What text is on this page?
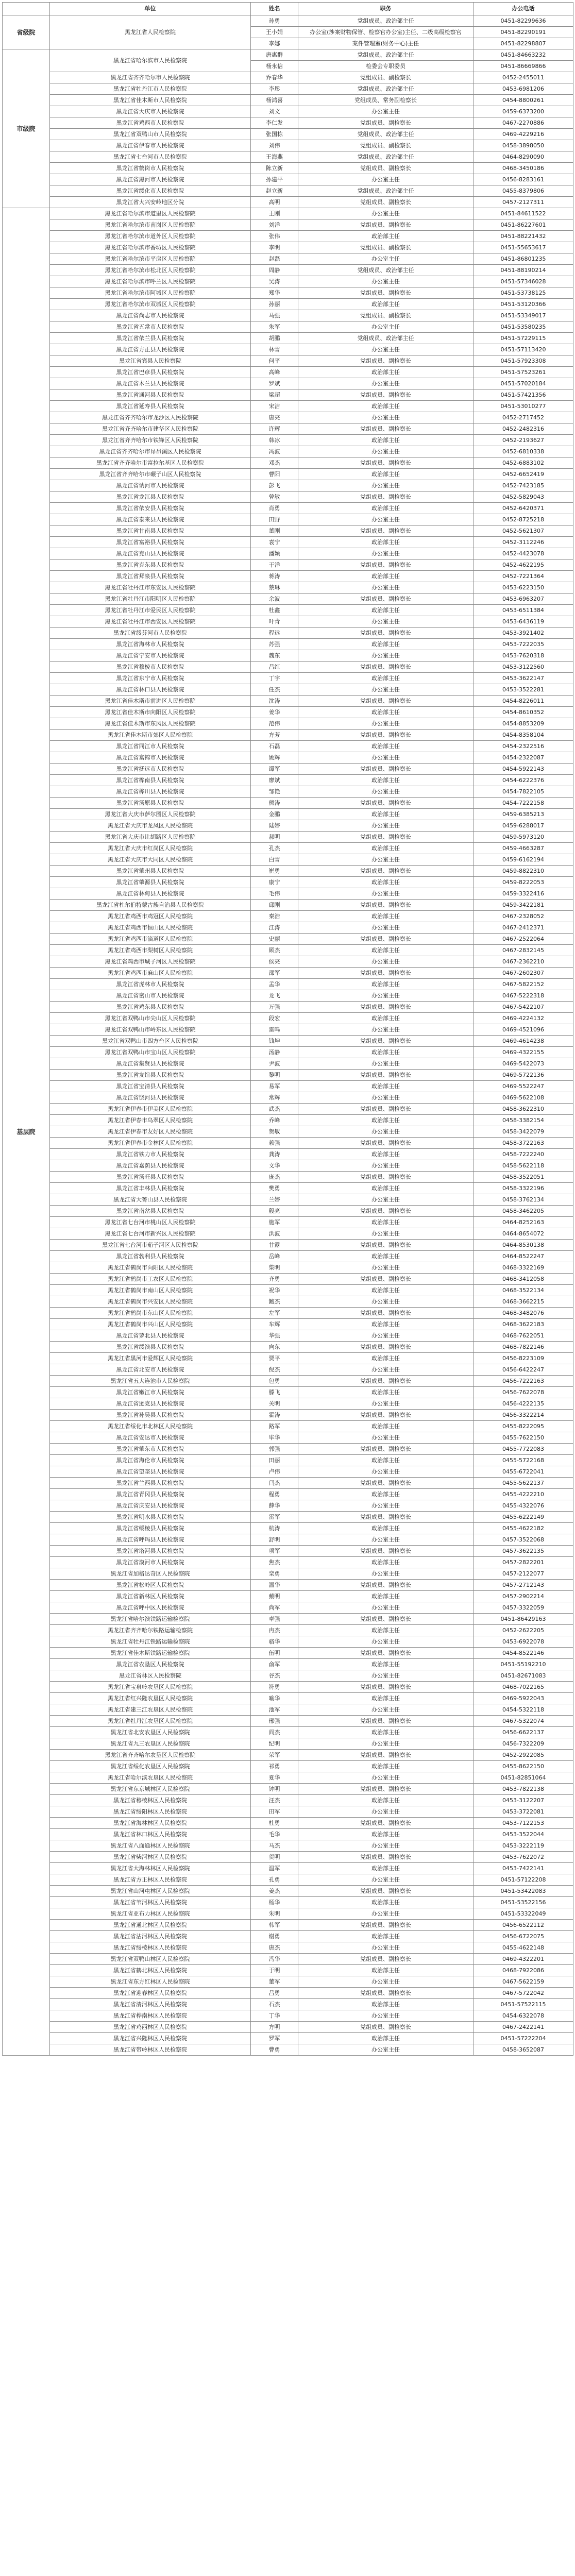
	单位	姓名	职务	办公电话
省级院	黑龙江省人民检察院	孙勇	党组成员、政治部主任	0451-82299636
		王小娟	办公室(涉案财物保管、检察官办公室)主任、二级高级检察官	0451-82290191
		李娜	案件管理室(财务中心)主任	0451-82298807
市级院	黑龙江省哈尔滨市人民检察院	唐惠群	党组成员、政治部主任	0451-84663232
		杨永信	检委会专职委员	0451-86669866
	黑龙江省齐齐哈尔市人民检察院	乔春华	党组成员、副检察长	0452-2455011
	黑龙江省牡丹江市人民检察院	李彤	党组成员、政治部主任	0453-6981206
	黑龙江省佳木斯市人民检察院	杨鸿喜	党组成员、常务副检察长	0454-8800261
	黑龙江省大庆市人民检察院	刘文	办公室主任	0459-6373200
	黑龙江省鸡西市人民检察院	李仁发	党组成员、副检察长	0467-2270886
	黑龙江省双鸭山市人民检察院	张国栋	党组成员、政治部主任	0469-4229216
	黑龙江省伊春市人民检察院	刘伟	党组成员、副检察长	0458-3898050
	黑龙江省七台河市人民检察院	王海燕	党组成员、政治部主任	0464-8290090
	黑龙江省鹤岗市人民检察院	陈立新	党组成员、副检察长	0468-3450186
	黑龙江省黑河市人民检察院	孙建平	办公室主任	0456-8283161
	黑龙江省绥化市人民检察院	赵立新	党组成员、政治部主任	0455-8379806
	黑龙江省大兴安岭地区分院	高明	党组成员、副检察长	0457-2127311
基层院	黑龙江省哈尔滨市道里区人民检察院	王刚	办公室主任	0451-84611522
	黑龙江省哈尔滨市南岗区人民检察院	刘洋	党组成员、副检察长	0451-86227601
	黑龙江省哈尔滨市道外区人民检察院	张伟	政治部主任	0451-88221432
	黑龙江省哈尔滨市香坊区人民检察院	李明	党组成员、副检察长	0451-55653617
	黑龙江省哈尔滨市平房区人民检察院	赵磊	办公室主任	0451-86801235
	黑龙江省哈尔滨市松北区人民检察院	周静	党组成员、政治部主任	0451-88190214
	黑龙江省哈尔滨市呼兰区人民检察院	吴涛	办公室主任	0451-57346028
	黑龙江省哈尔滨市阿城区人民检察院	郑华	党组成员、副检察长	0451-53738125
	黑龙江省哈尔滨市双城区人民检察院	孙丽	政治部主任	0451-53120366
	黑龙江省尚志市人民检察院	马强	党组成员、副检察长	0451-53349017
	黑龙江省五常市人民检察院	朱军	办公室主任	0451-53580235
	黑龙江省依兰县人民检察院	胡鹏	党组成员、政治部主任	0451-57229115
	黑龙江省方正县人民检察院	林雪	办公室主任	0451-57113420
	黑龙江省宾县人民检察院	何平	党组成员、副检察长	0451-57923308
	黑龙江省巴彦县人民检察院	高峰	政治部主任	0451-57523261
	黑龙江省木兰县人民检察院	罗斌	办公室主任	0451-57020184
	黑龙江省通河县人民检察院	梁超	党组成员、副检察长	0451-57421356
	黑龙江省延寿县人民检察院	宋洁	政治部主任	0451-53010277
	黑龙江省齐齐哈尔市龙沙区人民检察院	唐亮	办公室主任	0452-2717452
	黑龙江省齐齐哈尔市建华区人民检察院	许辉	党组成员、副检察长	0452-2482316
	黑龙江省齐齐哈尔市铁锋区人民检察院	韩冰	政治部主任	0452-2193627
	黑龙江省齐齐哈尔市昂昂溪区人民检察院	冯波	办公室主任	0452-6810338
	黑龙江省齐齐哈尔市富拉尔基区人民检察院	邓杰	党组成员、副检察长	0452-6883102
	黑龙江省齐齐哈尔市碾子山区人民检察院	曹阳	政治部主任	0452-6652419
	黑龙江省讷河市人民检察院	彭飞	办公室主任	0452-7423185
	黑龙江省龙江县人民检察院	曾敏	党组成员、副检察长	0452-5829043
	黑龙江省依安县人民检察院	肖勇	政治部主任	0452-6420371
	黑龙江省泰来县人民检察院	田野	办公室主任	0452-8725218
	黑龙江省甘南县人民检察院	董刚	党组成员、副检察长	0452-5621307
	黑龙江省富裕县人民检察院	袁宁	政治部主任	0452-3112246
	黑龙江省克山县人民检察院	潘颖	办公室主任	0452-4423078
	黑龙江省克东县人民检察院	于洋	党组成员、副检察长	0452-4622195
	黑龙江省拜泉县人民检察院	蒋涛	政治部主任	0452-7221364
	黑龙江省牡丹江市东安区人民检察院	蔡琳	办公室主任	0453-6223150
	黑龙江省牡丹江市阳明区人民检察院	余波	党组成员、副检察长	0453-6963207
	黑龙江省牡丹江市爱民区人民检察院	杜鑫	政治部主任	0453-6511384
	黑龙江省牡丹江市西安区人民检察院	叶青	办公室主任	0453-6436119
	黑龙江省绥芬河市人民检察院	程远	党组成员、副检察长	0453-3921402
	黑龙江省海林市人民检察院	苏强	政治部主任	0453-7222035
	黑龙江省宁安市人民检察院	魏东	办公室主任	0453-7620318
	黑龙江省穆棱市人民检察院	吕红	党组成员、副检察长	0453-3122560
	黑龙江省东宁市人民检察院	丁宇	政治部主任	0453-3622147
	黑龙江省林口县人民检察院	任杰	办公室主任	0453-3522281
	黑龙江省佳木斯市前进区人民检察院	沈涛	党组成员、副检察长	0454-8226011
	黑龙江省佳木斯市向阳区人民检察院	姜华	政治部主任	0454-8610352
	黑龙江省佳木斯市东风区人民检察院	范伟	办公室主任	0454-8853209
	黑龙江省佳木斯市郊区人民检察院	方芳	党组成员、副检察长	0454-8358104
	黑龙江省同江市人民检察院	石磊	政治部主任	0454-2322516
	黑龙江省富锦市人民检察院	姚辉	办公室主任	0454-2322087
	黑龙江省抚远市人民检察院	谭军	党组成员、副检察长	0454-5922143
	黑龙江省桦南县人民检察院	廖斌	政治部主任	0454-6222376
	黑龙江省桦川县人民检察院	邹艳	办公室主任	0454-7822105
	黑龙江省汤原县人民检察院	熊涛	党组成员、副检察长	0454-7222158
	黑龙江省大庆市萨尔图区人民检察院	金鹏	政治部主任	0459-6385213
	黑龙江省大庆市龙凤区人民检察院	陆婷	办公室主任	0459-6288017
	黑龙江省大庆市让胡路区人民检察院	郝明	党组成员、副检察长	0459-5973120
	黑龙江省大庆市红岗区人民检察院	孔杰	政治部主任	0459-4663287
	黑龙江省大庆市大同区人民检察院	白雪	办公室主任	0459-6162194
	黑龙江省肇州县人民检察院	崔勇	党组成员、副检察长	0459-8822310
	黑龙江省肇源县人民检察院	康宁	政治部主任	0459-8222053
	黑龙江省林甸县人民检察院	毛伟	办公室主任	0459-3322416
	黑龙江省杜尔伯特蒙古族自治县人民检察院	邱刚	党组成员、副检察长	0459-3422181
	黑龙江省鸡西市鸡冠区人民检察院	秦浩	政治部主任	0467-2328052
	黑龙江省鸡西市恒山区人民检察院	江涛	办公室主任	0467-2412371
	黑龙江省鸡西市滴道区人民检察院	史丽	党组成员、副检察长	0467-2522064
	黑龙江省鸡西市梨树区人民检察院	顾杰	政治部主任	0467-2832145
	黑龙江省鸡西市城子河区人民检察院	侯亮	办公室主任	0467-2362210
	黑龙江省鸡西市麻山区人民检察院	邵军	党组成员、副检察长	0467-2602307
	黑龙江省虎林市人民检察院	孟华	政治部主任	0467-5822152
	黑龙江省密山市人民检察院	龙飞	办公室主任	0467-5222318
	黑龙江省鸡东县人民检察院	万强	党组成员、副检察长	0467-5422107
	黑龙江省双鸭山市尖山区人民检察院	段宏	政治部主任	0469-4224132
	黑龙江省双鸭山市岭东区人民检察院	雷鸣	办公室主任	0469-4521096
	黑龙江省双鸭山市四方台区人民检察院	钱坤	党组成员、副检察长	0469-4614238
	黑龙江省双鸭山市宝山区人民检察院	汤静	政治部主任	0469-4322155
	黑龙江省集贤县人民检察院	尹波	办公室主任	0469-5422073
	黑龙江省友谊县人民检察院	黎明	党组成员、副检察长	0469-5722136
	黑龙江省宝清县人民检察院	易军	政治部主任	0469-5522247
	黑龙江省饶河县人民检察院	常辉	办公室主任	0469-5622108
	黑龙江省伊春市伊美区人民检察院	武杰	党组成员、副检察长	0458-3622310
	黑龙江省伊春市乌翠区人民检察院	乔峰	政治部主任	0458-3382154
	黑龙江省伊春市友好区人民检察院	贺敏	办公室主任	0458-3422079
	黑龙江省伊春市金林区人民检察院	赖强	党组成员、副检察长	0458-3722163
	黑龙江省铁力市人民检察院	龚涛	政治部主任	0458-7222240
	黑龙江省嘉荫县人民检察院	文华	办公室主任	0458-5622118
	黑龙江省汤旺县人民检察院	庞杰	党组成员、副检察长	0458-3522051
	黑龙江省丰林县人民检察院	樊勇	政治部主任	0458-3322196
	黑龙江省大箐山县人民检察院	兰婷	办公室主任	0458-3762134
	黑龙江省南岔县人民检察院	殷亮	党组成员、副检察长	0458-3462205
	黑龙江省七台河市桃山区人民检察院	施军	政治部主任	0464-8252163
	黑龙江省七台河市新兴区人民检察院	洪波	办公室主任	0464-8654072
	黑龙江省七台河市茄子河区人民检察院	甘露	党组成员、副检察长	0464-8530138
	黑龙江省勃利县人民检察院	岳峰	政治部主任	0464-8522247
	黑龙江省鹤岗市向阳区人民检察院	柴明	办公室主任	0468-3322169
	黑龙江省鹤岗市工农区人民检察院	齐勇	党组成员、副检察长	0468-3412058
	黑龙江省鹤岗市南山区人民检察院	祝华	政治部主任	0468-3522134
	黑龙江省鹤岗市兴安区人民检察院	鲍杰	办公室主任	0468-3662215
	黑龙江省鹤岗市东山区人民检察院	左军	党组成员、副检察长	0468-3482076
	黑龙江省鹤岗市兴山区人民检察院	车辉	政治部主任	0468-3622183
	黑龙江省萝北县人民检察院	华强	办公室主任	0468-7622051
	黑龙江省绥滨县人民检察院	向东	党组成员、副检察长	0468-7822146
	黑龙江省黑河市爱辉区人民检察院	贾平	政治部主任	0456-8223109
	黑龙江省北安市人民检察院	倪杰	办公室主任	0456-6422247
	黑龙江省五大连池市人民检察院	包勇	党组成员、副检察长	0456-7222163
	黑龙江省嫩江市人民检察院	滕飞	政治部主任	0456-7622078
	黑龙江省逊克县人民检察院	关明	办公室主任	0456-4222135
	黑龙江省孙吴县人民检察院	霍涛	党组成员、副检察长	0456-3322214
	黑龙江省绥化市北林区人民检察院	路军	政治部主任	0455-8222095
	黑龙江省安达市人民检察院	毕华	办公室主任	0455-7622150
	黑龙江省肇东市人民检察院	郭强	党组成员、副检察长	0455-7722083
	黑龙江省海伦市人民检察院	田丽	政治部主任	0455-5722168
	黑龙江省望奎县人民检察院	卢伟	办公室主任	0455-6722041
	黑龙江省兰西县人民检察院	闫杰	党组成员、副检察长	0455-5622137
	黑龙江省青冈县人民检察院	程勇	政治部主任	0455-4222210
	黑龙江省庆安县人民检察院	薛华	办公室主任	0455-4322076
	黑龙江省明水县人民检察院	雷军	党组成员、副检察长	0455-6222149
	黑龙江省绥棱县人民检察院	杭涛	政治部主任	0455-4622182
	黑龙江省呼玛县人民检察院	舒明	办公室主任	0457-3522068
	黑龙江省塔河县人民检察院	项军	党组成员、副检察长	0457-3622135
	黑龙江省漠河市人民检察院	焦杰	政治部主任	0457-2822201
	黑龙江省加格达奇区人民检察院	栾勇	办公室主任	0457-2122077
	黑龙江省松岭区人民检察院	温华	党组成员、副检察长	0457-2712143
	黑龙江省新林区人民检察院	戴明	政治部主任	0457-2902214
	黑龙江省呼中区人民检察院	尚军	办公室主任	0457-3322059
	黑龙江省哈尔滨铁路运输检察院	卓强	党组成员、副检察长	0451-86429163
	黑龙江省齐齐哈尔铁路运输检察院	冉杰	政治部主任	0452-2622205
	黑龙江省牡丹江铁路运输检察院	骆华	办公室主任	0453-6922078
	黑龙江省佳木斯铁路运输检察院	伍明	党组成员、副检察长	0454-8522146
	黑龙江省农垦区人民检察院	俞军	政治部主任	0451-55192210
	黑龙江省林区人民检察院	谷杰	办公室主任	0451-82671083
	黑龙江省宝泉岭农垦区人民检察院	符勇	党组成员、副检察长	0468-7022165
	黑龙江省红兴隆农垦区人民检察院	喻华	政治部主任	0469-5922043
	黑龙江省建三江农垦区人民检察院	池军	办公室主任	0454-5322118
	黑龙江省牡丹江农垦区人民检察院	邢强	党组成员、副检察长	0467-5322074
	黑龙江省北安农垦区人民检察院	阎杰	政治部主任	0456-6622137
	黑龙江省九三农垦区人民检察院	纪明	办公室主任	0456-7322209
	黑龙江省齐齐哈尔农垦区人民检察院	荣军	党组成员、副检察长	0452-2922085
	黑龙江省绥化农垦区人民检察院	祁勇	政治部主任	0455-8622150
	黑龙江省哈尔滨农垦区人民检察院	夏华	办公室主任	0451-82851064
	黑龙江省东京城林区人民检察院	钟明	党组成员、副检察长	0453-7822138
	黑龙江省穆棱林区人民检察院	汪杰	政治部主任	0453-3122207
	黑龙江省绥阳林区人民检察院	田军	办公室主任	0453-3722081
	黑龙江省海林林区人民检察院	杜勇	党组成员、副检察长	0453-7122153
	黑龙江省林口林区人民检察院	毛华	政治部主任	0453-3522044
	黑龙江省八面通林区人民检察院	马杰	办公室主任	0453-3222119
	黑龙江省柴河林区人民检察院	贺明	党组成员、副检察长	0453-7622072
	黑龙江省大海林林区人民检察院	温军	政治部主任	0453-7422141
	黑龙江省方正林区人民检察院	孔勇	办公室主任	0451-57122208
	黑龙江省山河屯林区人民检察院	姜杰	党组成员、副检察长	0451-53422083
	黑龙江省苇河林区人民检察院	杨华	政治部主任	0451-53522156
	黑龙江省亚布力林区人民检察院	朱明	办公室主任	0451-53322049
	黑龙江省通北林区人民检察院	韩军	党组成员、副检察长	0456-6522112
	黑龙江省沾河林区人民检察院	谢勇	政治部主任	0456-6722075
	黑龙江省绥棱林区人民检察院	唐杰	办公室主任	0455-4622148
	黑龙江省双鸭山林区人民检察院	冯华	党组成员、副检察长	0469-4322201
	黑龙江省鹤北林区人民检察院	于明	政治部主任	0468-7922086
	黑龙江省东方红林区人民检察院	董军	办公室主任	0467-5622159
	黑龙江省迎春林区人民检察院	吕勇	党组成员、副检察长	0467-5722042
	黑龙江省清河林区人民检察院	石杰	政治部主任	0451-57522115
	黑龙江省桦南林区人民检察院	丁华	办公室主任	0454-6322078
	黑龙江省鸡西林区人民检察院	方明	党组成员、副检察长	0467-2422141
	黑龙江省兴隆林区人民检察院	罗军	政治部主任	0451-57222204
	黑龙江省带岭林区人民检察院	曹勇	办公室主任	0458-3652087
